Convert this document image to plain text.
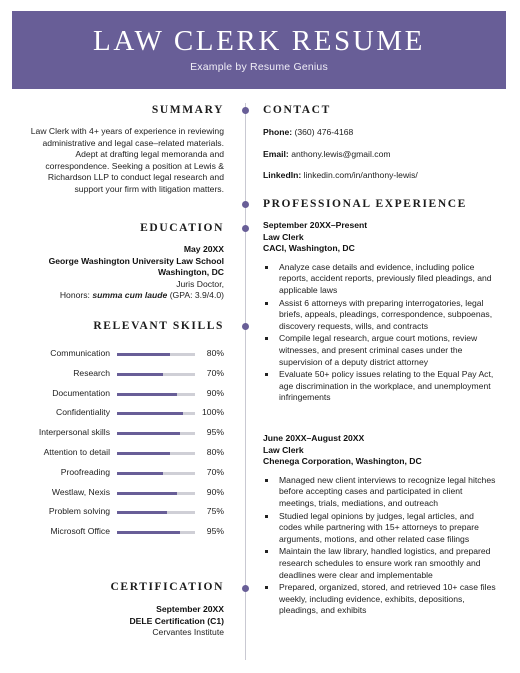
LAW CLERK RESUME
Example by Resume Genius
SUMMARY
Law Clerk with 4+ years of experience in reviewing
administrative and legal case–related materials.
Adept at drafting legal memoranda and
correspondence. Seeking a position at Lewis &
Richardson LLP to conduct legal research and
support your firm with litigation matters.
EDUCATION
May 20XX
George Washington University Law School
Washington, DC
Juris Doctor,
Honors: summa cum laude (GPA: 3.9/4.0)
RELEVANT SKILLS
Communication	80%
Research	70%
Documentation	90%
Confidentiality	100%
Interpersonal skills	95%
Attention to detail	80%
Proofreading	70%
Westlaw, Nexis	90%
Problem solving	75%
Microsoft Office	95%
CERTIFICATION
September 20XX
DELE Certification (C1)
Cervantes Institute
CONTACT
Phone: (360) 476-4168
Email: anthony.lewis@gmail.com
LinkedIn: linkedin.com/in/anthony-lewis/
PROFESSIONAL EXPERIENCE
September 20XX–Present
Law Clerk
CACI, Washington, DC
Analyze case details and evidence, including police reports, accident reports, previously filed pleadings, and applicable laws
Assist 6 attorneys with preparing interrogatories, legal briefs, appeals, pleadings, correspondence, subpoenas, discovery requests, wills, and contracts
Compile legal research, argue court motions, review witnesses, and present criminal cases under the supervision of a deputy district attorney
Evaluate 50+ policy issues relating to the Equal Pay Act, age discrimination in the workplace, and unemployment infringements
June 20XX–August 20XX
Law Clerk
Chenega Corporation, Washington, DC
Managed new client interviews to recognize legal hitches before accepting cases and participated in client meetings, trials, mediations, and outreach
Studied legal opinions by judges, legal articles, and codes while partnering with 15+ attorneys to prepare arguments, motions, and other related case filings
Maintain the law library, handled logistics, and prepared research schedules to ensure work ran smoothly and deadlines were clear and implementable
Prepared, organized, stored, and retrieved 10+ case files weekly, including evidence, exhibits, depositions, pleadings, and exhibits
